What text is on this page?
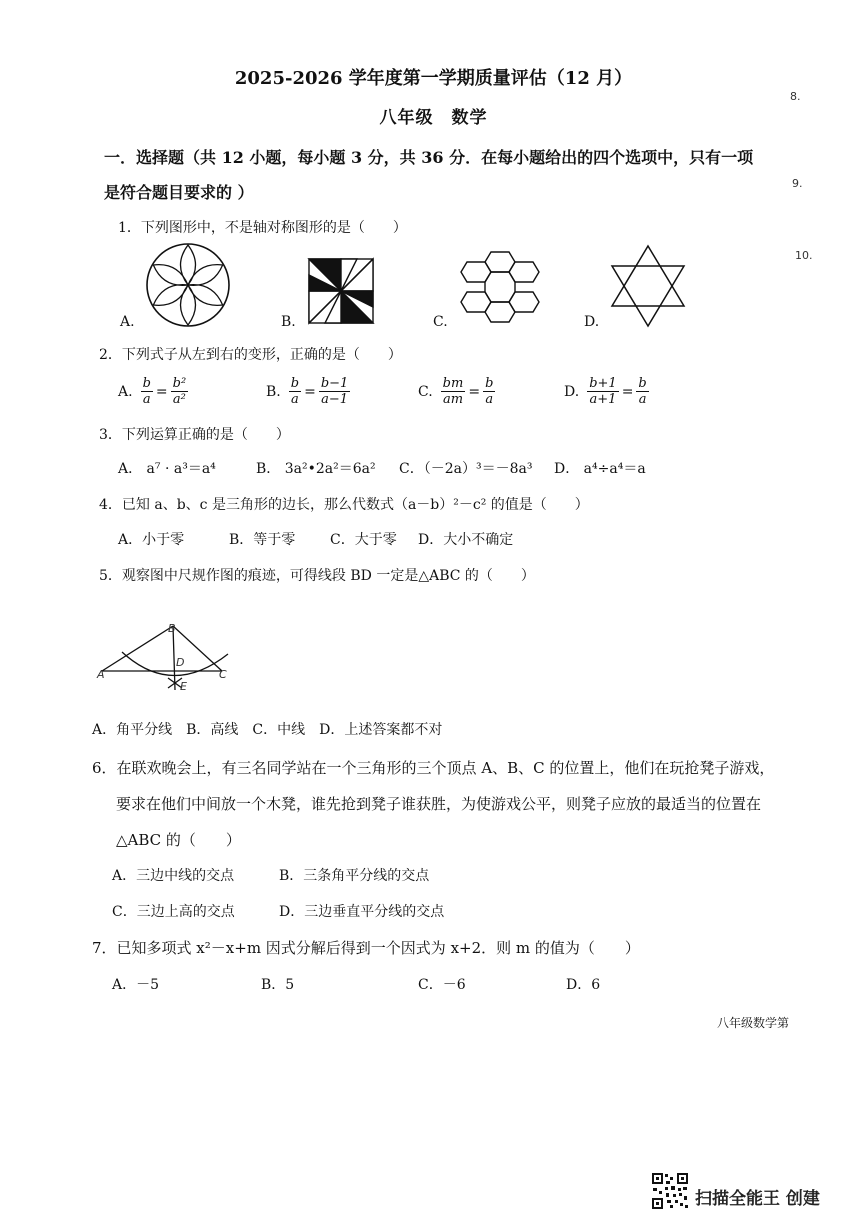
2025-2026 学年度第一学期质量评估（12 月）
八年级　数学
8.
9.
10.
一．选择题（共 12 小题，每小题 3 分，共 36 分．在每小题给出的四个选项中，只有一项
是符合题目要求的 ）
1．下列图形中，不是轴对称图形的是（　　）
A.	B.	C.	D.
2．下列式子从左到右的变形，正确的是（　　）
A. $\frac{b}{a} = \frac{\text{b²}}{\text{a²}}$	B. $\frac{b}{a} = \frac{b-1}{a-1}$	C. $\frac{bm}{am} = \frac{b}{a}$	D. $\frac{b+1}{a+1} = \frac{b}{a}$
3．下列运算正确的是（　　）
A． a⁷ · a³＝a⁴	B． 3a²•2a²＝6a² C．（－2a）³＝－8a³ D． a⁴÷a⁴＝a
4．已知 a、b、c 是三角形的边长，那么代数式（a－b）²－c² 的值是（　　）
A．小于零	B．等于零 C．大于零 D．大小不确定
5．观察图中尺规作图的痕迹，可得线段 BD 一定是△ABC 的（　　）
B
A	C
D
E
A．角平分线　B．高线　C．中线　D．上述答案都不对
6．在联欢晚会上，有三名同学站在一个三角形的三个顶点 A、B、C 的位置上，他们在玩抢凳子游戏，
要求在他们中间放一个木凳，谁先抢到凳子谁获胜，为使游戏公平，则凳子应放的最适当的位置在
△ABC 的（　　）
A．三边中线的交点	B．三条角平分线的交点
C．三边上高的交点	D．三边垂直平分线的交点
7．已知多项式 x²－x+m 因式分解后得到一个因式为 x+2．则 m 的值为（　　）
A．－5	B．5	C．－6	D．6
八年级数学第
扫描全能王 创建
